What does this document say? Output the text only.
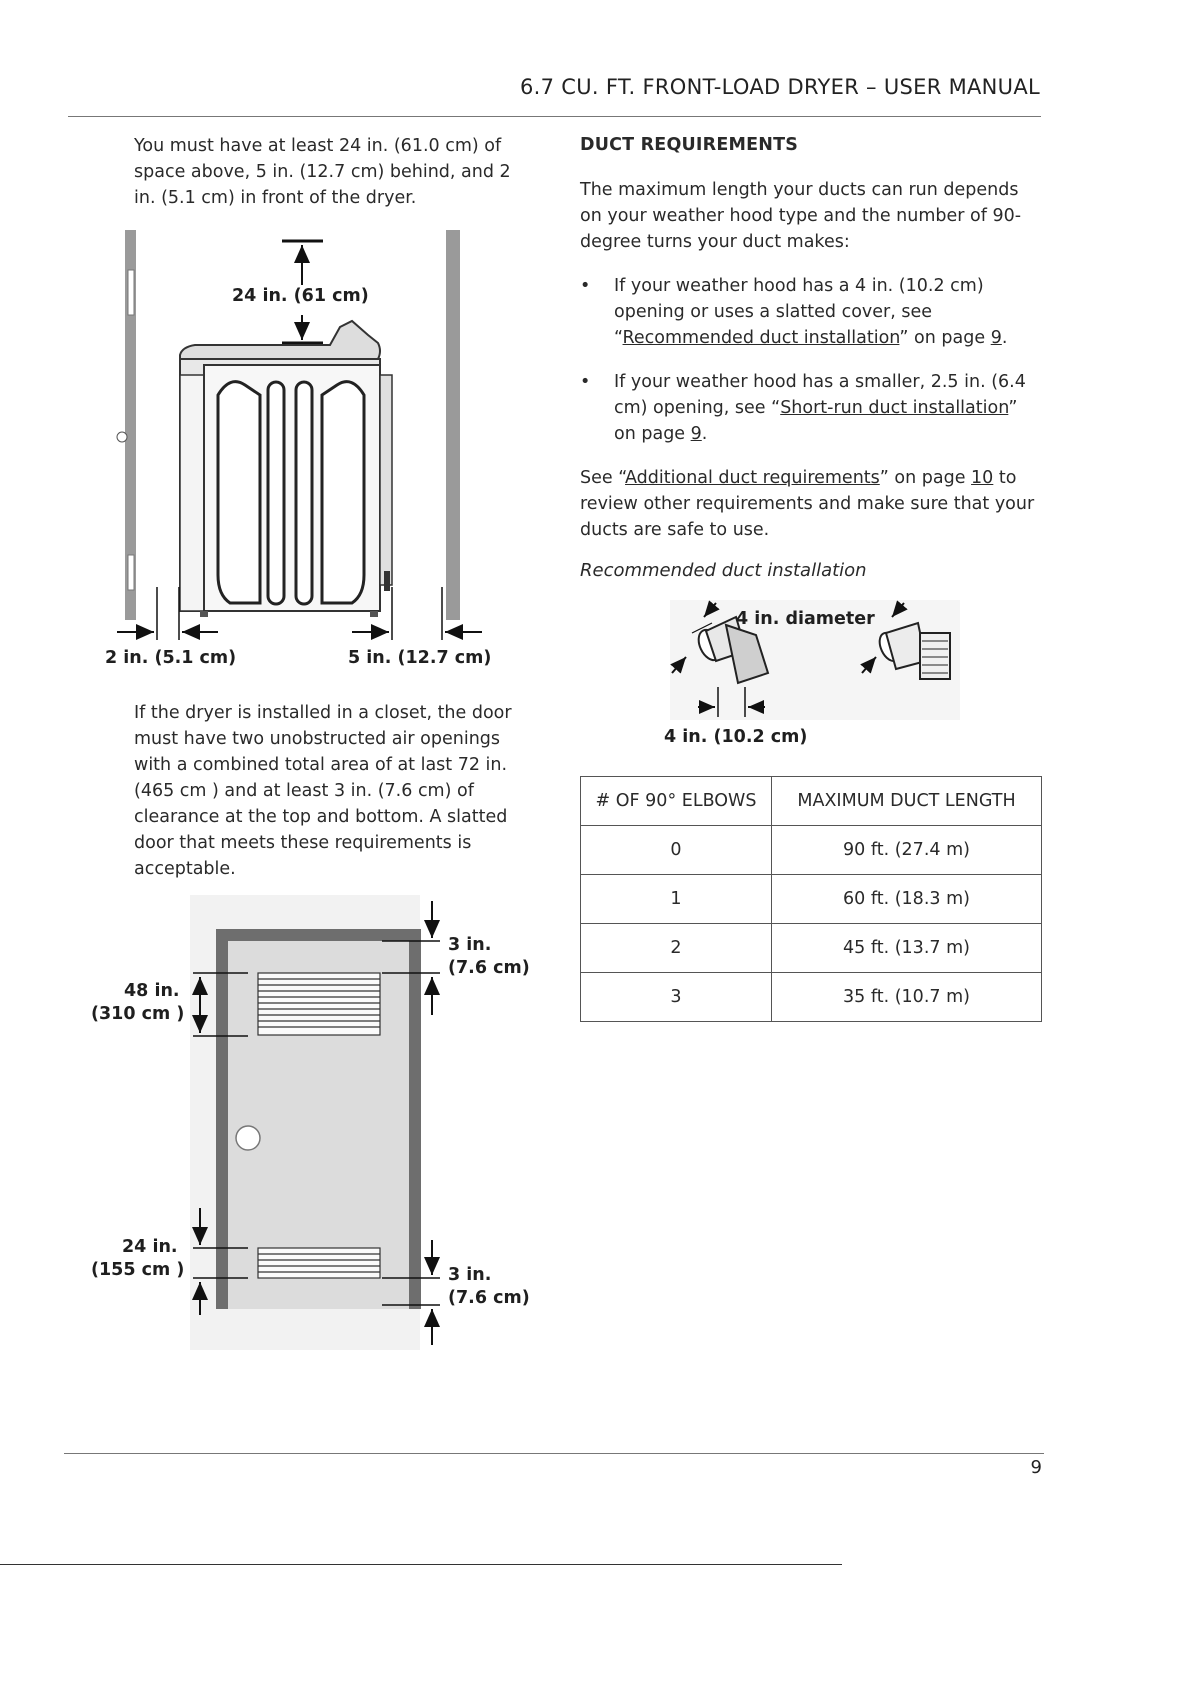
6.7 CU. FT. FRONT-LOAD DRYER – USER MANUAL
You must have at least 24 in. (61.0 cm) of space above, 5 in. (12.7 cm) behind, and 2 in. (5.1 cm) in front of the dryer.
24 in. (61 cm)
2 in. (5.1 cm)	5 in. (12.7 cm)
If the dryer is installed in a closet, the door must have two unobstructed air openings with a combined total area of at last 72 in. (465 cm ) and at least 3 in. (7.6 cm) of clearance at the top and bottom. A slatted door that meets these requirements is acceptable.
48 in.
(310 cm )
24 in.
(155 cm )
3 in.
(7.6 cm)
3 in.
(7.6 cm)
DUCT REQUIREMENTS
The maximum length your ducts can run depends on your weather hood type and the number of 90-degree turns your duct makes:
• If your weather hood has a 4 in. (10.2 cm) opening or uses a slatted cover, see “Recommended duct installation” on page 9.
• If your weather hood has a smaller, 2.5 in. (6.4 cm) opening, see “Short-run duct installation” on page 9.
See “Additional duct requirements” on page 10 to review other requirements and make sure that your ducts are safe to use.
Recommended duct installation
4 in. diameter
4 in. (10.2 cm)
# OF 90° ELBOWS	MAXIMUM DUCT LENGTH
0	90 ft. (27.4 m)
1	60 ft. (18.3 m)
2	45 ft. (13.7 m)
3	35 ft. (10.7 m)
9
